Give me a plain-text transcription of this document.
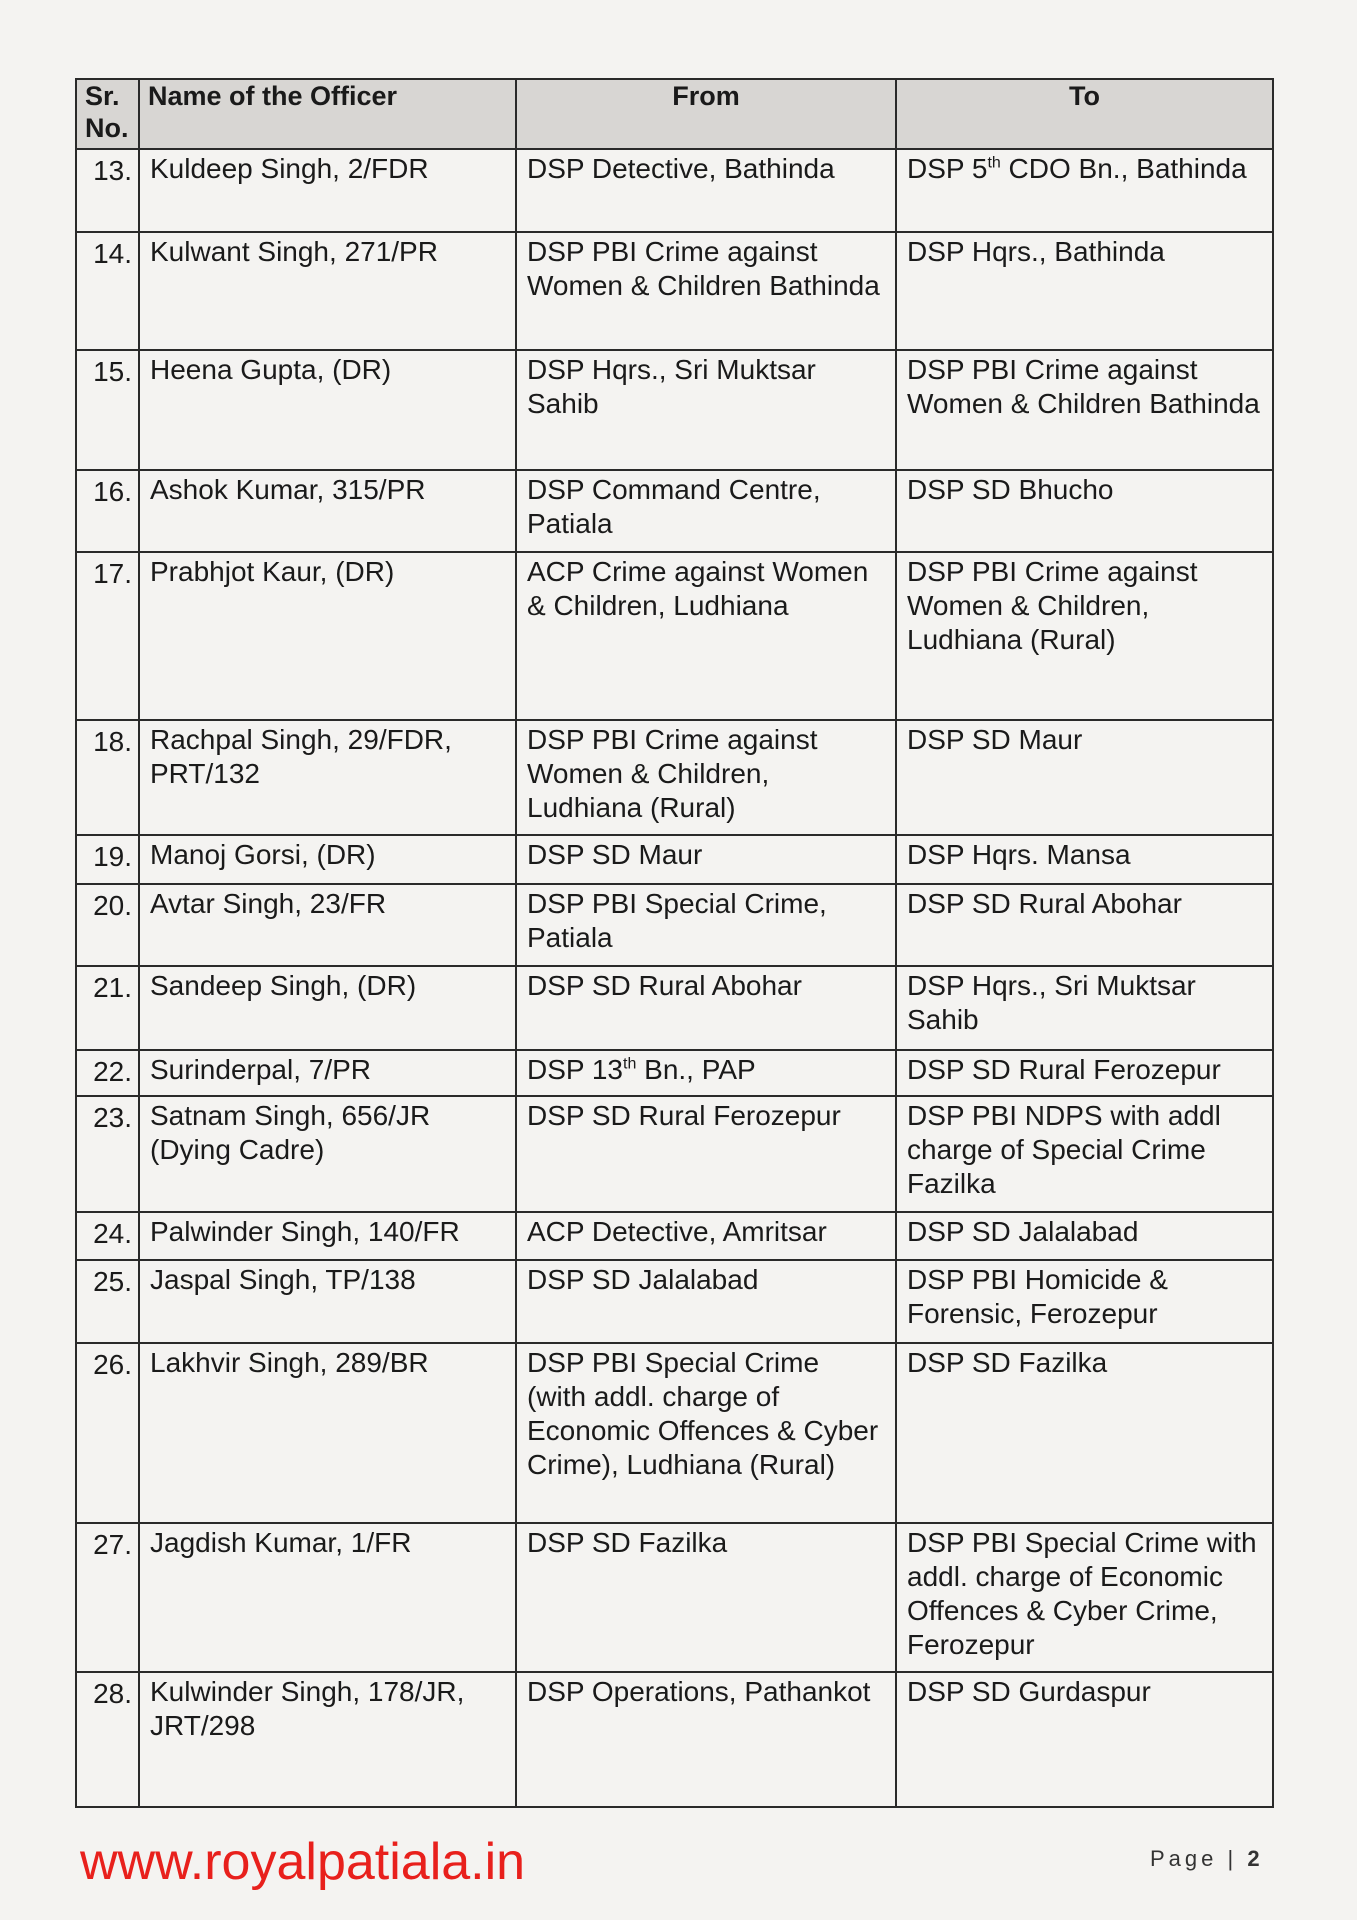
Sr. No.	Name of the Officer	From	To
13.	Kuldeep Singh, 2/FDR	DSP Detective, Bathinda	DSP 5th CDO Bn., Bathinda
14.	Kulwant Singh, 271/PR	DSP PBI Crime against Women & Children Bathinda	DSP Hqrs., Bathinda
15.	Heena Gupta, (DR)	DSP Hqrs., Sri Muktsar Sahib	DSP PBI Crime against Women & Children Bathinda
16.	Ashok Kumar, 315/PR	DSP Command Centre, Patiala	DSP SD Bhucho
17.	Prabhjot Kaur, (DR)	ACP Crime against Women & Children, Ludhiana	DSP PBI Crime against Women & Children, Ludhiana (Rural)
18.	Rachpal Singh, 29/FDR, PRT/132	DSP PBI Crime against Women & Children, Ludhiana (Rural)	DSP SD Maur
19.	Manoj Gorsi, (DR)	DSP SD Maur	DSP Hqrs. Mansa
20.	Avtar Singh, 23/FR	DSP PBI Special Crime, Patiala	DSP SD Rural Abohar
21.	Sandeep Singh, (DR)	DSP SD Rural Abohar	DSP Hqrs., Sri Muktsar Sahib
22.	Surinderpal, 7/PR	DSP 13th Bn., PAP	DSP SD Rural Ferozepur
23.	Satnam Singh, 656/JR (Dying Cadre)	DSP SD Rural Ferozepur	DSP PBI NDPS with addl charge of Special Crime Fazilka
24.	Palwinder Singh, 140/FR	ACP Detective, Amritsar	DSP SD Jalalabad
25.	Jaspal Singh, TP/138	DSP SD Jalalabad	DSP PBI Homicide & Forensic, Ferozepur
26.	Lakhvir Singh, 289/BR	DSP PBI Special Crime (with addl. charge of Economic Offences & Cyber Crime), Ludhiana (Rural)	DSP SD Fazilka
27.	Jagdish Kumar, 1/FR	DSP SD Fazilka	DSP PBI Special Crime with addl. charge of Economic Offences & Cyber Crime, Ferozepur
28.	Kulwinder Singh, 178/JR, JRT/298	DSP Operations, Pathankot	DSP SD Gurdaspur
www.royalpatiala.in	Page | 2
